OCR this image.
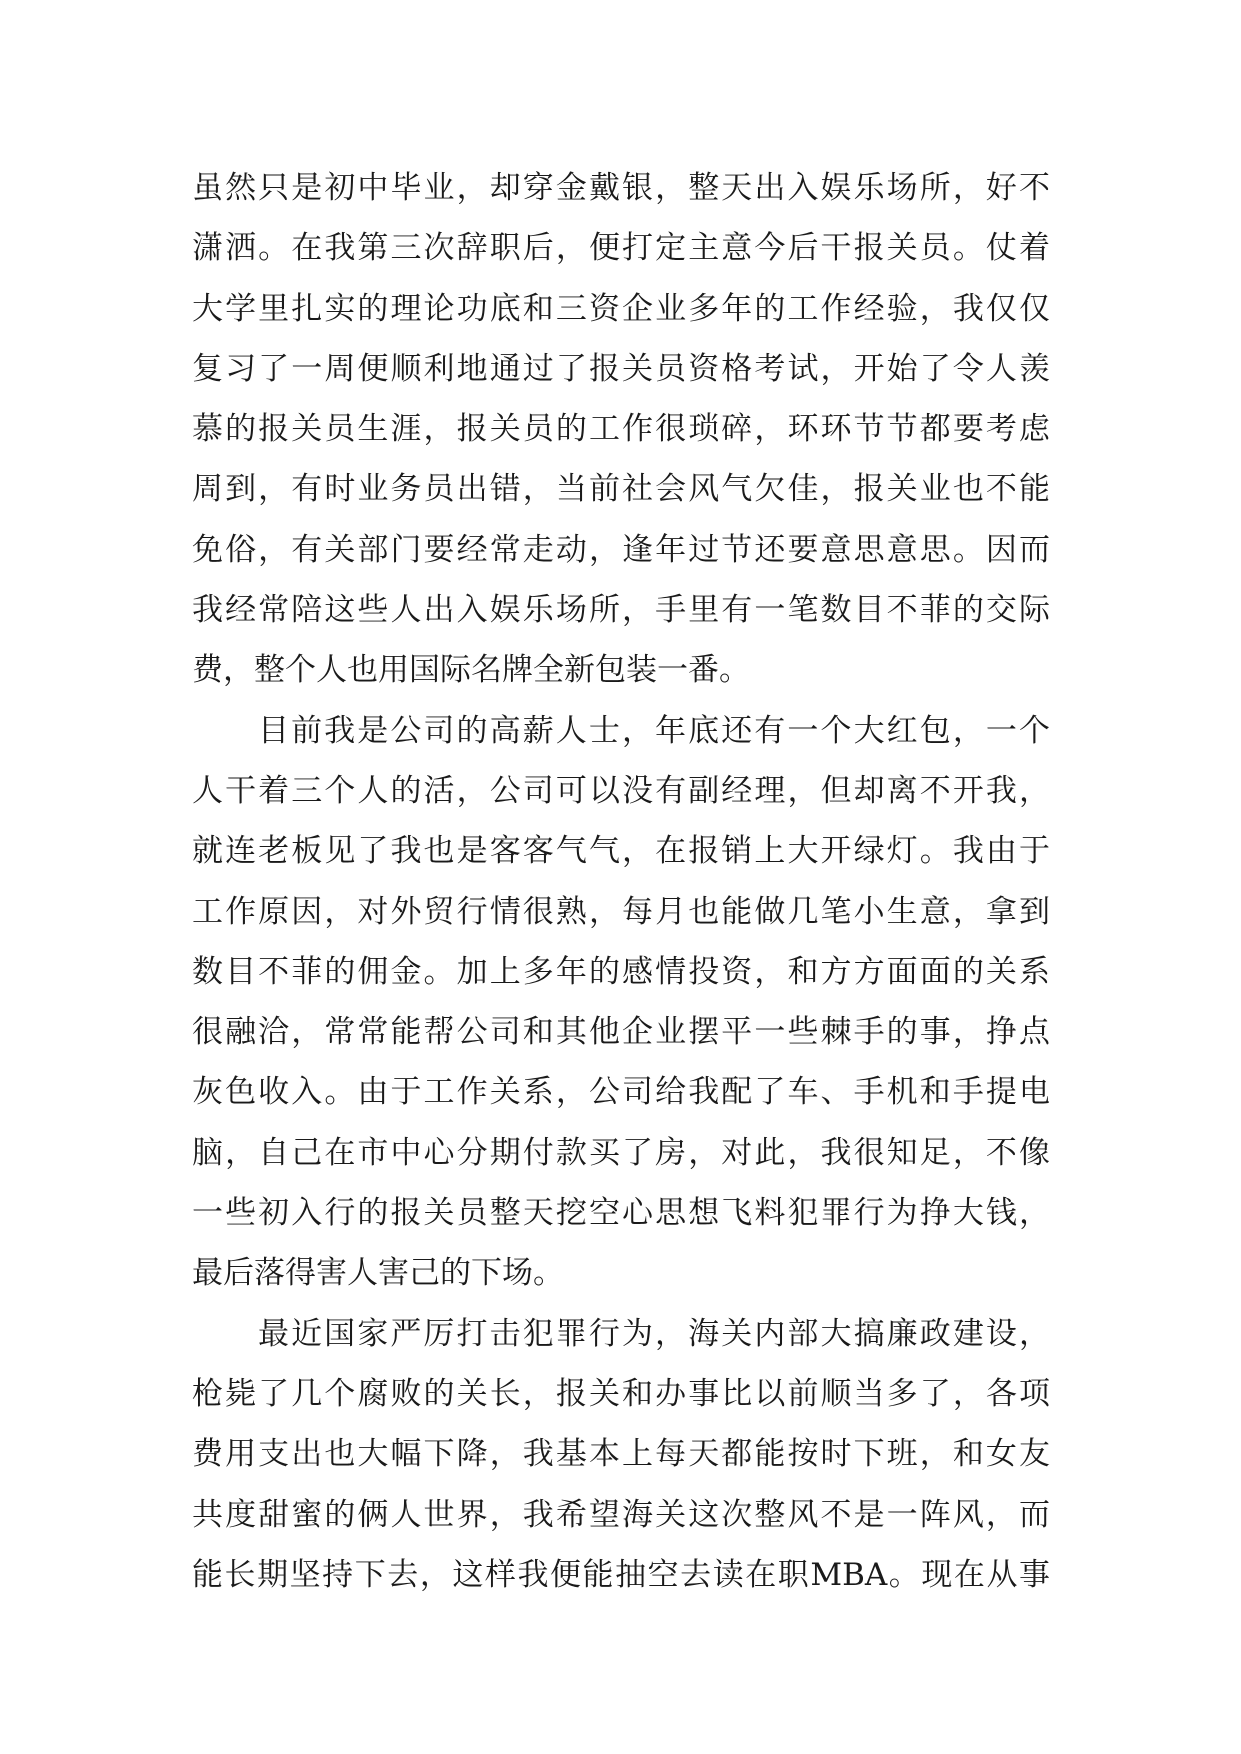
虽然只是初中毕业，却穿金戴银，整天出入娱乐场所，好不
潇洒。在我第三次辞职后，便打定主意今后干报关员。仗着
大学里扎实的理论功底和三资企业多年的工作经验，我仅仅
复习了一周便顺利地通过了报关员资格考试，开始了令人羡
慕的报关员生涯，报关员的工作很琐碎，环环节节都要考虑
周到，有时业务员出错，当前社会风气欠佳，报关业也不能
免俗，有关部门要经常走动，逢年过节还要意思意思。因而
我经常陪这些人出入娱乐场所，手里有一笔数目不菲的交际
费，整个人也用国际名牌全新包装一番。
目前我是公司的高薪人士，年底还有一个大红包，一个
人干着三个人的活，公司可以没有副经理，但却离不开我，
就连老板见了我也是客客气气，在报销上大开绿灯。我由于
工作原因，对外贸行情很熟，每月也能做几笔小生意，拿到
数目不菲的佣金。加上多年的感情投资，和方方面面的关系
很融洽，常常能帮公司和其他企业摆平一些棘手的事，挣点
灰色收入。由于工作关系，公司给我配了车、手机和手提电
脑，自己在市中心分期付款买了房，对此，我很知足，不像
一些初入行的报关员整天挖空心思想飞料犯罪行为挣大钱，
最后落得害人害己的下场。
最近国家严厉打击犯罪行为，海关内部大搞廉政建设，
枪毙了几个腐败的关长，报关和办事比以前顺当多了，各项
费用支出也大幅下降，我基本上每天都能按时下班，和女友
共度甜蜜的俩人世界，我希望海关这次整风不是一阵风，而
能长期坚持下去，这样我便能抽空去读在职MBA。现在从事
